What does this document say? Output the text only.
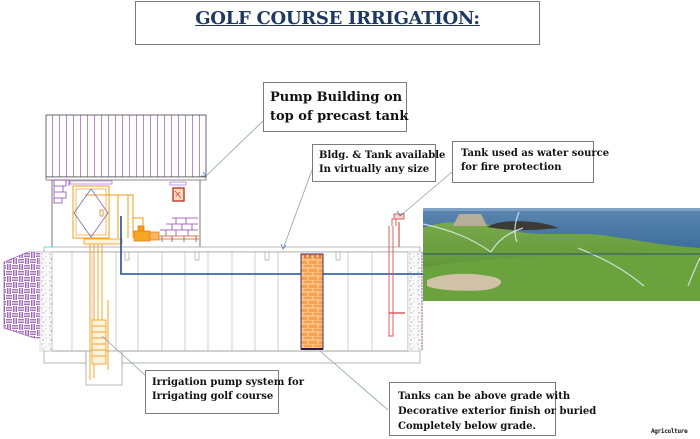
GOLF COURSE IRRIGATION:
Pump Building on
top of precast tank
Bldg. & Tank available
In virtually any size
Tank used as water source
for fire protection
Irrigation pump system for
Irrigating golf course	Tanks can be above grade with
Decorative exterior finish or buried
Completely below grade.	Agriculture
